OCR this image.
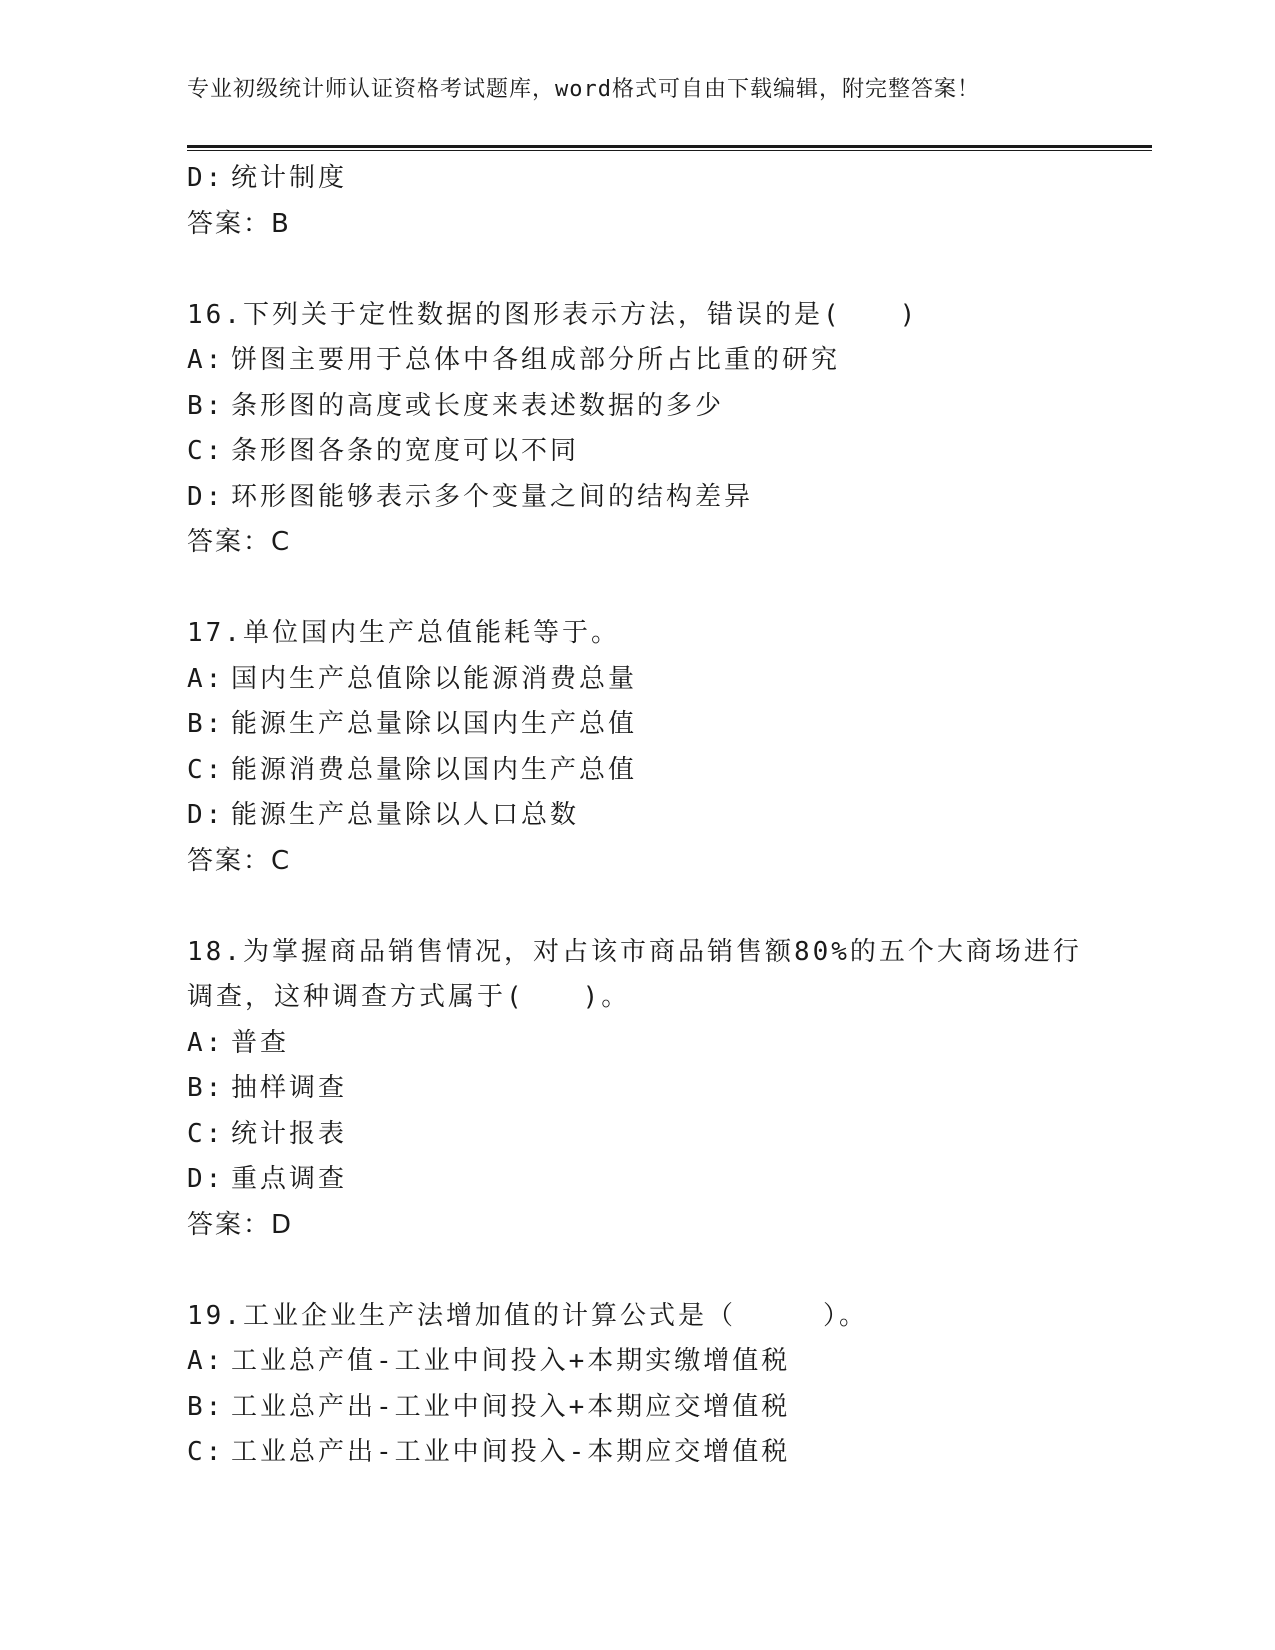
专业初级统计师认证资格考试题库，word格式可自由下载编辑，附完整答案！
D: 统计制度
答案：B
16.下列关于定性数据的图形表示方法，错误的是(　　)
A: 饼图主要用于总体中各组成部分所占比重的研究
B: 条形图的高度或长度来表述数据的多少
C: 条形图各条的宽度可以不同
D: 环形图能够表示多个变量之间的结构差异
答案：C
17.单位国内生产总值能耗等于。
A: 国内生产总值除以能源消费总量
B: 能源生产总量除以国内生产总值
C: 能源消费总量除以国内生产总值
D: 能源生产总量除以人口总数
答案：C
18.为掌握商品销售情况，对占该市商品销售额80%的五个大商场进行
调查，这种调查方式属于(　　)。
A: 普查
B: 抽样调查
C: 统计报表
D: 重点调查
答案：D
19.工业企业生产法增加值的计算公式是（　　　）。
A: 工业总产值-工业中间投入+本期实缴增值税
B: 工业总产出-工业中间投入+本期应交增值税
C: 工业总产出-工业中间投入-本期应交增值税
